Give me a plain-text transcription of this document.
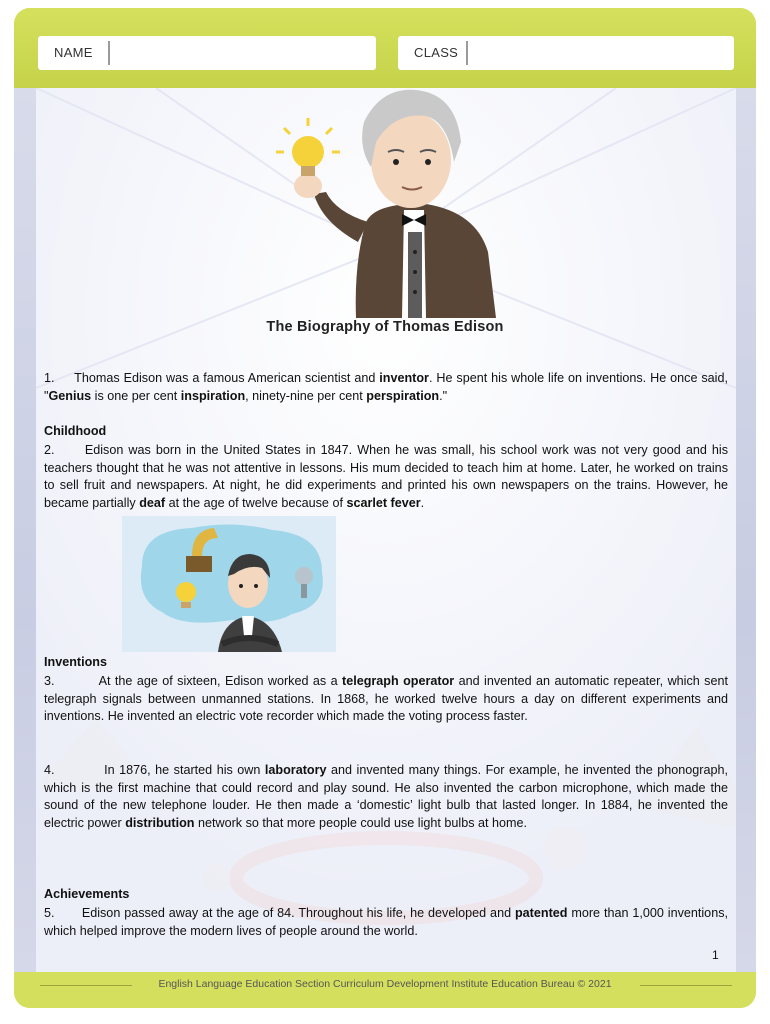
NAME	CLASS
The Biography of Thomas Edison

1. Thomas Edison was a famous American scientist and inventor. He spent his whole life on inventions. He once said, "Genius is one per cent inspiration, ninety-nine per cent perspiration."

Childhood

2. Edison was born in the United States in 1847. When he was small, his school work was not very good and his teachers thought that he was not attentive in lessons. His mum decided to teach him at home. Later, he worked on trains to sell fruit and newspapers. At night, he did experiments and printed his own newspapers on the trains. However, he became partially deaf at the age of twelve because of scarlet fever.

Inventions

3.	At the age of sixteen, Edison worked as a telegraph operator and invented an automatic repeater, which sent telegraph signals between unmanned stations. In 1868, he worked twelve hours a day on different experiments and inventions. He invented an electric vote recorder which made the voting process faster.

4.	In 1876, he started his own laboratory and invented many things. For example, he invented the phonograph, which is the first machine that could record and play sound. He also invented the carbon microphone, which made the sound of the new telephone louder. He then made a ‘domestic’ light bulb that lasted longer. In 1884, he invented the electric power distribution network so that more people could use light bulbs at home.

Achievements

5. Edison passed away at the age of 84. Throughout his life, he developed and patented more than 1,000 inventions, which helped improve the modern lives of people around the world.

1
English Language Education Section Curriculum Development Institute Education Bureau © 2021
